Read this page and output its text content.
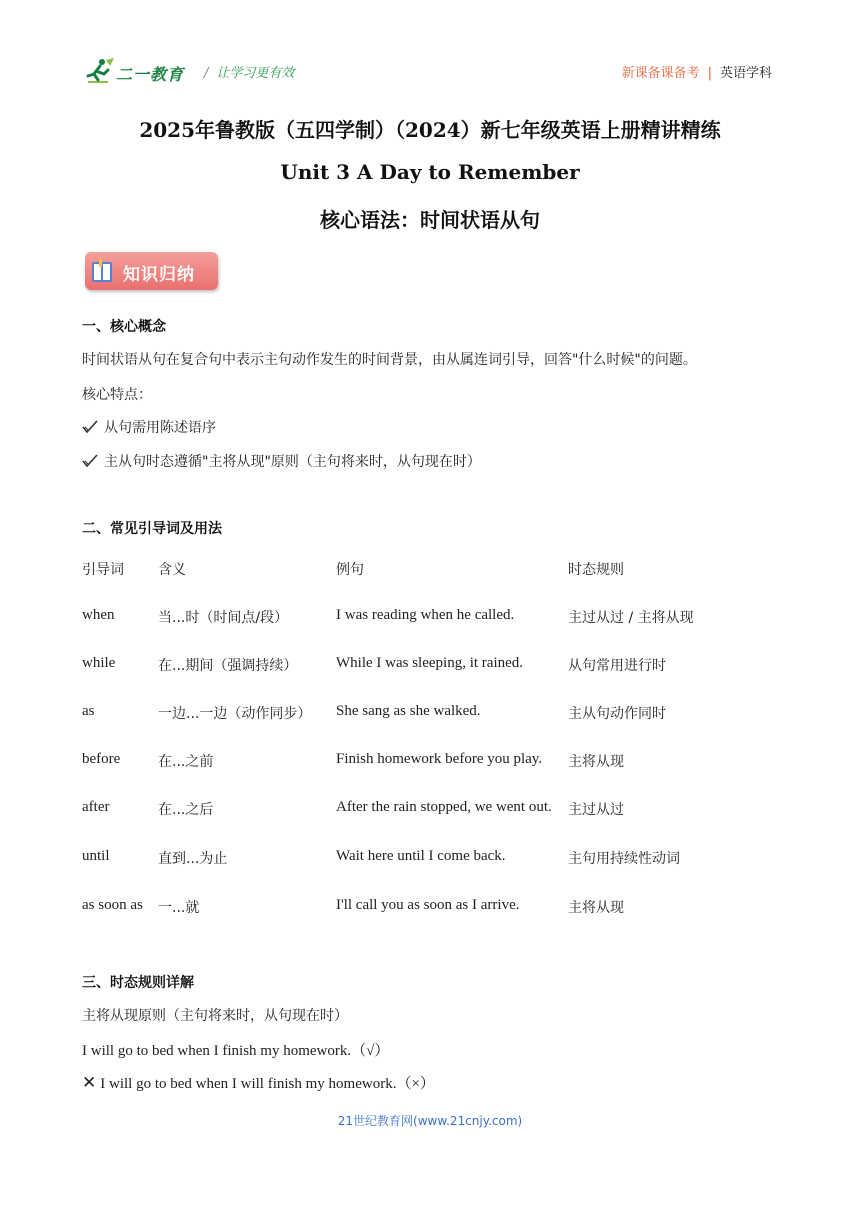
二一教育 / 让学习更有效	新课备课备考 | 英语学科
2025年鲁教版（五四学制）（2024）新七年级英语上册精讲精练
Unit 3 A Day to Remember
核心语法：时间状语从句
知识归纳
一、核心概念
时间状语从句在复合句中表示主句动作发生的时间背景，由从属连词引导，回答"什么时候"的问题。
核心特点：
从句需用陈述语序
主从句时态遵循"主将从现"原则（主句将来时，从句现在时）
二、常见引导词及用法
引导词 含义	例句	时态规则
when	当...时（时间点/段）	I was reading when he called.	主过从过 / 主将从现
while	在...期间（强调持续）	While I was sleeping, it rained.	从句常用进行时
as	一边...一边（动作同步） She sang as she walked.	主从句动作同时
before	在...之前	Finish homework before you play. 主将从现
after	在...之后	After the rain stopped, we went out. 主过从过
until	直到...为止	Wait here until I come back.	主句用持续性动词
as soon as 一...就	I'll call you as soon as I arrive.	主将从现
三、时态规则详解
主将从现原则（主句将来时，从句现在时）
I will go to bed when I finish my homework.（√）
✕ I will go to bed when I will finish my homework.（×）
21世纪教育网(www.21cnjy.com)
